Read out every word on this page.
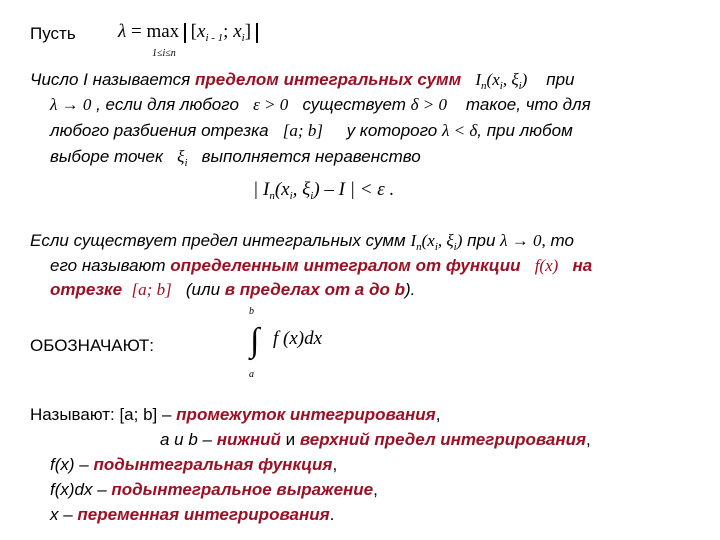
Пусть $\lambda = \max [x_{i - 1}$; $x_i$]
1≤i≤n
Число I называется пределом интегральных сумм $I_n(x_i$, $\xi_i$) при
λ → 0 , если для любого ε > 0 существует δ > 0 такое, что для
любого разбиения отрезка [a; b] у которого λ < δ, при любом
выборе точек $\xi_i$ выполняется неравенство
| $I_n(x_i$, $\xi_i$) – I | < ε .
Если существует предел интегральных сумм $I_n(x_i$, $\xi_i$) при λ → 0, то
его называют определенным интегралом от функции f(x) на
отрезке [a; b] (или в пределах от a до b).
ОБОЗНАЧАЮТ:
b
∫
a
f (x)dx
Называют: [a; b] – промежуток интегрирования,
a и b – нижний и верхний предел интегрирования,
f(x) – подынтегральная функция,
f(x)dx – подынтегральное выражение,
x – переменная интегрирования.
